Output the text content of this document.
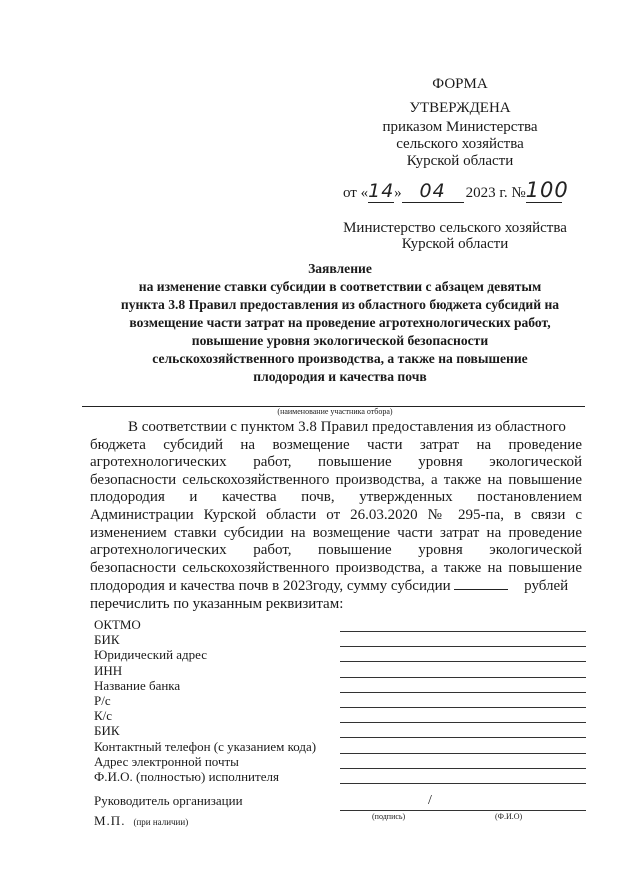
ФОРМА
УТВЕРЖДЕНА
приказом Министерства
сельского хозяйства
Курской области
от «14» 04 2023 г. №100
Министерство сельского хозяйства
Курской области
Заявление
на изменение ставки субсидии в соответствии с абзацем девятым
пункта 3.8 Правил предоставления из областного бюджета субсидий на
возмещение части затрат на проведение агротехнологических работ,
повышение уровня экологической безопасности
сельскохозяйственного производства, а также на повышение
плодородия и качества почв
(наименование участника отбора)
В соответствии с пунктом 3.8 Правил предоставления из областного
бюджета субсидий на возмещение части затрат на проведение
агротехнологических работ, повышение уровня экологической
безопасности сельскохозяйственного производства, а также на повышение
плодородия и качества почв, утвержденных постановлением
Администрации Курской области от 26.03.2020 № 295-па, в связи с
изменением ставки субсидии на возмещение части затрат на проведение
агротехнологических работ, повышение уровня экологической
безопасности сельскохозяйственного производства, а также на повышение
плодородия и качества почв в 2023году, сумму субсидии	рублей
перечислить по указанным реквизитам:
ОКТМО
БИК
Юридический адрес
ИНН
Название банка
Р/с
К/с
БИК
Контактный телефон (с указанием кода)
Адрес электронной почты
Ф.И.О. (полностью) исполнителя
Руководитель организации	/
(подпись)	(Ф.И.О)
М.П. (при наличии)
